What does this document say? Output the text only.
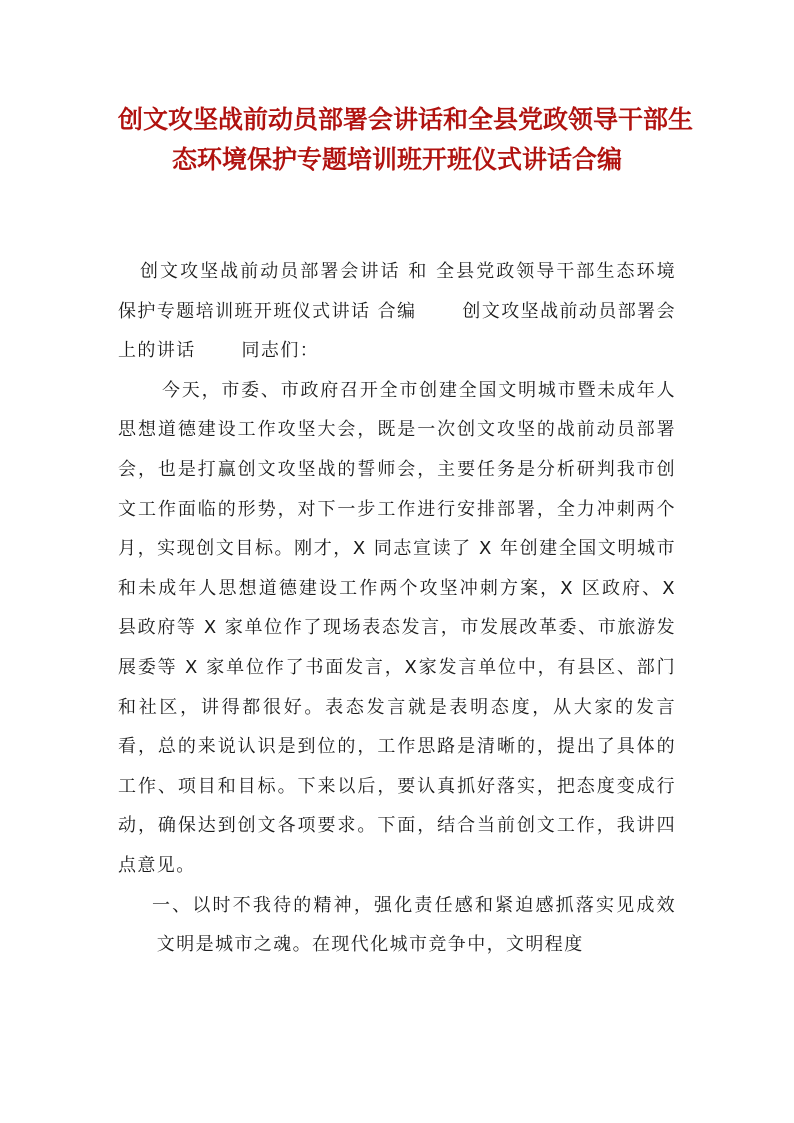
创文攻坚战前动员部署会讲话和全县党政领导干部生
态环境保护专题培训班开班仪式讲话合编

创文攻坚战前动员部署会讲话 和 全县党政领导干部生态环境保护专题培训班开班仪式讲话 合编 　　创文攻坚战前动员部署会上的讲话 　　同志们：

今天，市委、市政府召开全市创建全国文明城市暨未成年人思想道德建设工作攻坚大会，既是一次创文攻坚的战前动员部署会，也是打赢创文攻坚战的誓师会，主要任务是分析研判我市创文工作面临的形势，对下一步工作进行安排部署，全力冲刺两个月，实现创文目标。刚才，X 同志宣读了 X 年创建全国文明城市和未成年人思想道德建设工作两个攻坚冲刺方案，X 区政府、X 县政府等 X 家单位作了现场表态发言，市发展改革委、市旅游发展委等 X 家单位作了书面发言，X家发言单位中，有县区、部门和社区，讲得都很好。表态发言就是表明态度，从大家的发言看，总的来说认识是到位的，工作思路是清晰的，提出了具体的工作、项目和目标。下来以后，要认真抓好落实，把态度变成行动，确保达到创文各项要求。下面，结合当前创文工作，我讲四点意见。

一、以时不我待的精神，强化责任感和紧迫感抓落实见成效 　　文明是城市之魂。在现代化城市竞争中，文明程度
